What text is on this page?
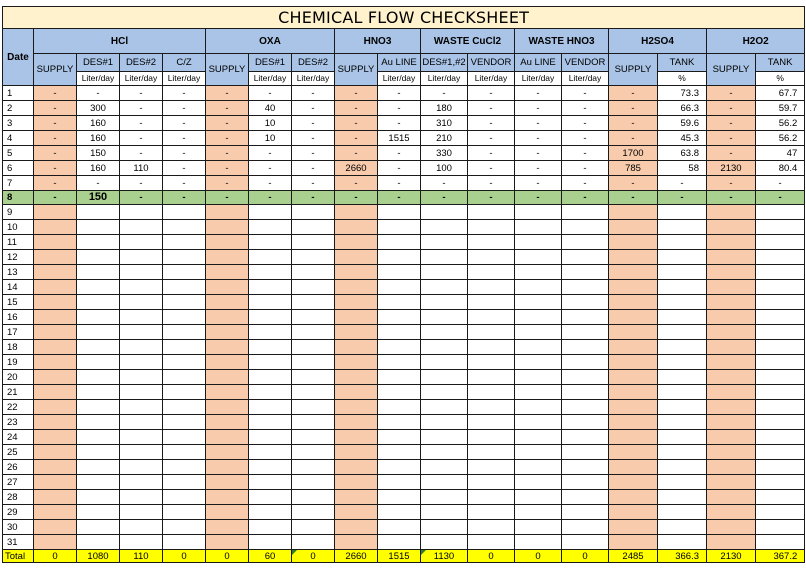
CHEMICAL FLOW CHECKSHEET																	
Date	HCl				OXA			HNO3		WASTE CuCl2		WASTE HNO3		H2SO4		H2O2	
	SUPPLY	DES#1	DES#2	C/Z	SUPPLY	DES#1	DES#2	SUPPLY	Au LINE	DES#1,#2	VENDOR	Au LINE	VENDOR	SUPPLY	TANK	SUPPLY	TANK
		Liter/day	Liter/day	Liter/day		Liter/day	Liter/day		Liter/day	Liter/day	Liter/day	Liter/day	Liter/day		%		%
1	-	-	-	-	-	-	-	-	-	-	-	-	-	-	73.3	-	67.7
2	-	300	-	-	-	40	-	-	-	180	-	-	-	-	66.3	-	59.7
3	-	160	-	-	-	10	-	-	-	310	-	-	-	-	59.6	-	56.2
4	-	160	-	-	-	10	-	-	1515	210	-	-	-	-	45.3	-	56.2
5	-	150	-	-	-	-	-	-	-	330	-	-	-	1700	63.8	-	47
6	-	160	110	-	-	-	-	2660	-	100	-	-	-	785	58	2130	80.4
7	-	-	-	-	-	-	-	-	-	-	-	-	-	-	-	-	-
8	-	150	-	-	-	-	-	-	-	-	-	-	-	-	-	-	-
9																	
10																	
11																	
12																	
13																	
14																	
15																	
16																	
17																	
18																	
19																	
20																	
21																	
22																	
23																	
24																	
25																	
26																	
27																	
28																	
29																	
30																	
31																	
Total	0	1080	110	0	0	60	0	2660	1515	1130	0	0	0	2485	366.3	2130	367.2
